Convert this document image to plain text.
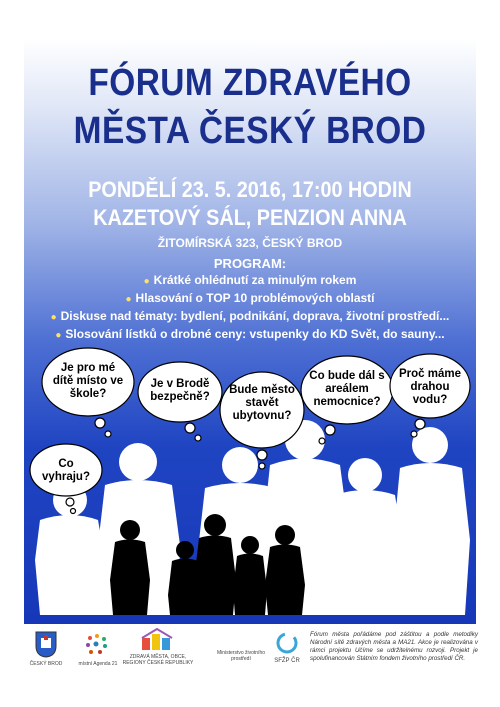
FÓRUM ZDRAVÉHO
MĚSTA ČESKÝ BROD
PONDĚLÍ 23. 5. 2016, 17:00 HODIN
KAZETOVÝ SÁL, PENZION ANNA
ŽITOMÍRSKÁ 323, ČESKÝ BROD
PROGRAM:
● Krátké ohlédnutí za minulým rokem
● Hlasování o TOP 10 problémových oblastí
● Diskuse nad tématy: bydlení, podnikání, doprava, životní prostředí...
● Slosování lístků o drobné ceny: vstupenky do KD Svět, do sauny...
Je pro mé dítě místo ve škole?
Je v Brodě bezpečně?
Bude město stavět ubytovnu?
Co bude dál s areálem nemocnice?
Proč máme drahou vodu?
Co vyhraju?
ČESKÝ BROD	místní Agenda 21
ZDRAVÁ MĚSTA, OBCE, REGIONY ČESKÉ REPUBLIKY
Ministerstvo životního prostředí	SFŽP ČR
Fórum města pořádáme pod záštitou a podle metodiky Národní sítě zdravých města a MA21. Akce je realizována v rámci projektu Učíme se udržitelnému rozvoji. Projekt je spolufinancován Státním fondem životního prostředí ČR.
